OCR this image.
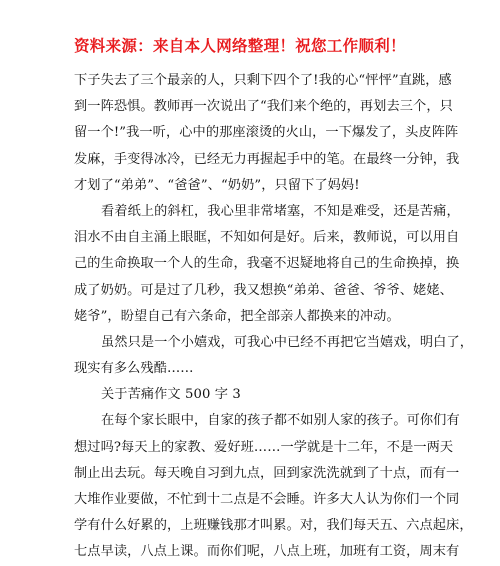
资料来源：来自本人网络整理！祝您工作顺利！
下子失去了三个最亲的人，只剩下四个了!我的心“怦怦”直跳，感
到一阵恐惧。教师再一次说出了“我们来个绝的，再划去三个，只
留一个!”我一听，心中的那座滚烫的火山，一下爆发了，头皮阵阵
发麻，手变得冰冷，已经无力再握起手中的笔。在最终一分钟，我
才划了“弟弟”、“爸爸”、“奶奶”，只留下了妈妈!
看着纸上的斜杠，我心里非常堵塞，不知是难受，还是苦痛，
泪水不由自主涌上眼眶，不知如何是好。后来，教师说，可以用自
己的生命换取一个人的生命，我毫不迟疑地将自己的生命换掉，换
成了奶奶。可是过了几秒，我又想换“弟弟、爸爸、爷爷、姥姥、
姥爷”，盼望自己有六条命，把全部亲人都换来的冲动。
虽然只是一个小嬉戏，可我心中已经不再把它当嬉戏，明白了，
现实有多么残酷……
关于苦痛作文 500 字 3
在每个家长眼中，自家的孩子都不如别人家的孩子。可你们有
想过吗?每天上的家教、爱好班……一学就是十二年，不是一两天
制止出去玩。每天晚自习到九点，回到家洗洗就到了十点，而有一
大堆作业要做，不忙到十二点是不会睡。许多大人认为你们一个同
学有什么好累的，上班赚钱那才叫累。对，我们每天五、六点起床，
七点早读，八点上课。而你们呢，八点上班，加班有工资，周末有
